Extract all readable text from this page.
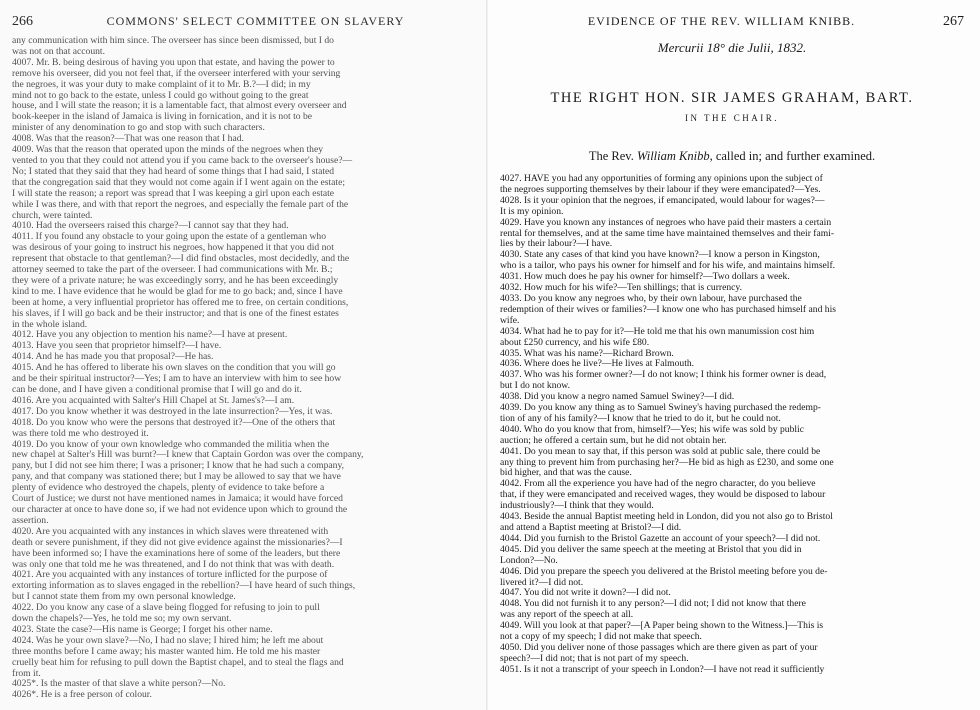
266	COMMONS' SELECT COMMITTEE ON SLAVERY

any communication with him since. The overseer has since been dismissed, but I do

was not on that account.

4007. Mr. B. being desirous of having you upon that estate, and having the power to

remove his overseer, did you not feel that, if the overseer interfered with your serving

the negroes, it was your duty to make complaint of it to Mr. B.?—I did; in my

mind not to go back to the estate, unless I could go without going to the great

house, and I will state the reason; it is a lamentable fact, that almost every overseer and

book-keeper in the island of Jamaica is living in fornication, and it is not to be

minister of any denomination to go and stop with such characters.

4008. Was that the reason?—That was one reason that I had.

4009. Was that the reason that operated upon the minds of the negroes when they

vented to you that they could not attend you if you came back to the overseer's house?—

No; I stated that they said that they had heard of some things that I had said, I stated

that the congregation said that they would not come again if I went again on the estate;

I will state the reason; a report was spread that I was keeping a girl upon each estate

while I was there, and with that report the negroes, and especially the female part of the

church, were tainted.

4010. Had the overseers raised this charge?—I cannot say that they had.

4011. If you found any obstacle to your going upon the estate of a gentleman who

was desirous of your going to instruct his negroes, how happened it that you did not

represent that obstacle to that gentleman?—I did find obstacles, most decidedly, and the

attorney seemed to take the part of the overseer. I had communications with Mr. B.;

they were of a private nature; he was exceedingly sorry, and he has been exceedingly

kind to me. I have evidence that he would be glad for me to go back; and, since I have

been at home, a very influential proprietor has offered me to free, on certain conditions,

his slaves, if I will go back and be their instructor; and that is one of the finest estates

in the whole island.

4012. Have you any objection to mention his name?—I have at present.

4013. Have you seen that proprietor himself?—I have.

4014. And he has made you that proposal?—He has.

4015. And he has offered to liberate his own slaves on the condition that you will go

and be their spiritual instructor?—Yes; I am to have an interview with him to see how

can be done, and I have given a conditional promise that I will go and do it.

4016. Are you acquainted with Salter's Hill Chapel at St. James's?—I am.

4017. Do you know whether it was destroyed in the late insurrection?—Yes, it was.

4018. Do you know who were the persons that destroyed it?—One of the others that

was there told me who destroyed it.

4019. Do you know of your own knowledge who commanded the militia when the

new chapel at Salter's Hill was burnt?—I knew that Captain Gordon was over the company,

pany, but I did not see him there; I was a prisoner; I know that he had such a company,

pany, and that company was stationed there; but I may be allowed to say that we have

plenty of evidence who destroyed the chapels, plenty of evidence to take before a

Court of Justice; we durst not have mentioned names in Jamaica; it would have forced

our character at once to have done so, if we had not evidence upon which to ground the

assertion.

4020. Are you acquainted with any instances in which slaves were threatened with

death or severe punishment, if they did not give evidence against the missionaries?—I

have been informed so; I have the examinations here of some of the leaders, but there

was only one that told me he was threatened, and I do not think that was with death.

4021. Are you acquainted with any instances of torture inflicted for the purpose of

extorting information as to slaves engaged in the rebellion?—I have heard of such things,

but I cannot state them from my own personal knowledge.

4022. Do you know any case of a slave being flogged for refusing to join to pull

down the chapels?—Yes, he told me so; my own servant.

4023. State the case?—His name is George; I forget his other name.

4024. Was he your own slave?—No, I had no slave; I hired him; he left me about

three months before I came away; his master wanted him. He told me his master

cruelly beat him for refusing to pull down the Baptist chapel, and to steal the flags and

from it.

4025*. Is the master of that slave a white person?—No.

4026*. He is a free person of colour.

EVIDENCE OF THE REV. WILLIAM KNIBB.	267
Mercurii 18° die Julii, 1832.
THE RIGHT HON. SIR JAMES GRAHAM, BART.
IN THE CHAIR.
The Rev. William Knibb, called in; and further examined.

4027. HAVE you had any opportunities of forming any opinions upon the subject of

the negroes supporting themselves by their labour if they were emancipated?—Yes.

4028. Is it your opinion that the negroes, if emancipated, would labour for wages?—

It is my opinion.

4029. Have you known any instances of negroes who have paid their masters a certain

rental for themselves, and at the same time have maintained themselves and their fami-

lies by their labour?—I have.

4030. State any cases of that kind you have known?—I know a person in Kingston,

who is a tailor, who pays his owner for himself and for his wife, and maintains himself.

4031. How much does he pay his owner for himself?—Two dollars a week.

4032. How much for his wife?—Ten shillings; that is currency.

4033. Do you know any negroes who, by their own labour, have purchased the

redemption of their wives or families?—I know one who has purchased himself and his

wife.

4034. What had he to pay for it?—He told me that his own manumission cost him

about £250 currency, and his wife £80.

4035. What was his name?—Richard Brown.

4036. Where does he live?—He lives at Falmouth.

4037. Who was his former owner?—I do not know; I think his former owner is dead,

but I do not know.

4038. Did you know a negro named Samuel Swiney?—I did.

4039. Do you know any thing as to Samuel Swiney's having purchased the redemp-

tion of any of his family?—I know that he tried to do it, but he could not.

4040. Who do you know that from, himself?—Yes; his wife was sold by public

auction; he offered a certain sum, but he did not obtain her.

4041. Do you mean to say that, if this person was sold at public sale, there could be

any thing to prevent him from purchasing her?—He bid as high as £230, and some one

bid higher, and that was the cause.

4042. From all the experience you have had of the negro character, do you believe

that, if they were emancipated and received wages, they would be disposed to labour

industriously?—I think that they would.

4043. Beside the annual Baptist meeting held in London, did you not also go to Bristol

and attend a Baptist meeting at Bristol?—I did.

4044. Did you furnish to the Bristol Gazette an account of your speech?—I did not.

4045. Did you deliver the same speech at the meeting at Bristol that you did in

London?—No.

4046. Did you prepare the speech you delivered at the Bristol meeting before you de-

livered it?—I did not.

4047. You did not write it down?—I did not.

4048. You did not furnish it to any person?—I did not; I did not know that there

was any report of the speech at all.

4049. Will you look at that paper?—[A Paper being shown to the Witness.]—This is

not a copy of my speech; I did not make that speech.

4050. Did you deliver none of those passages which are there given as part of your

speech?—I did not; that is not part of my speech.

4051. Is it not a transcript of your speech in London?—I have not read it sufficiently
